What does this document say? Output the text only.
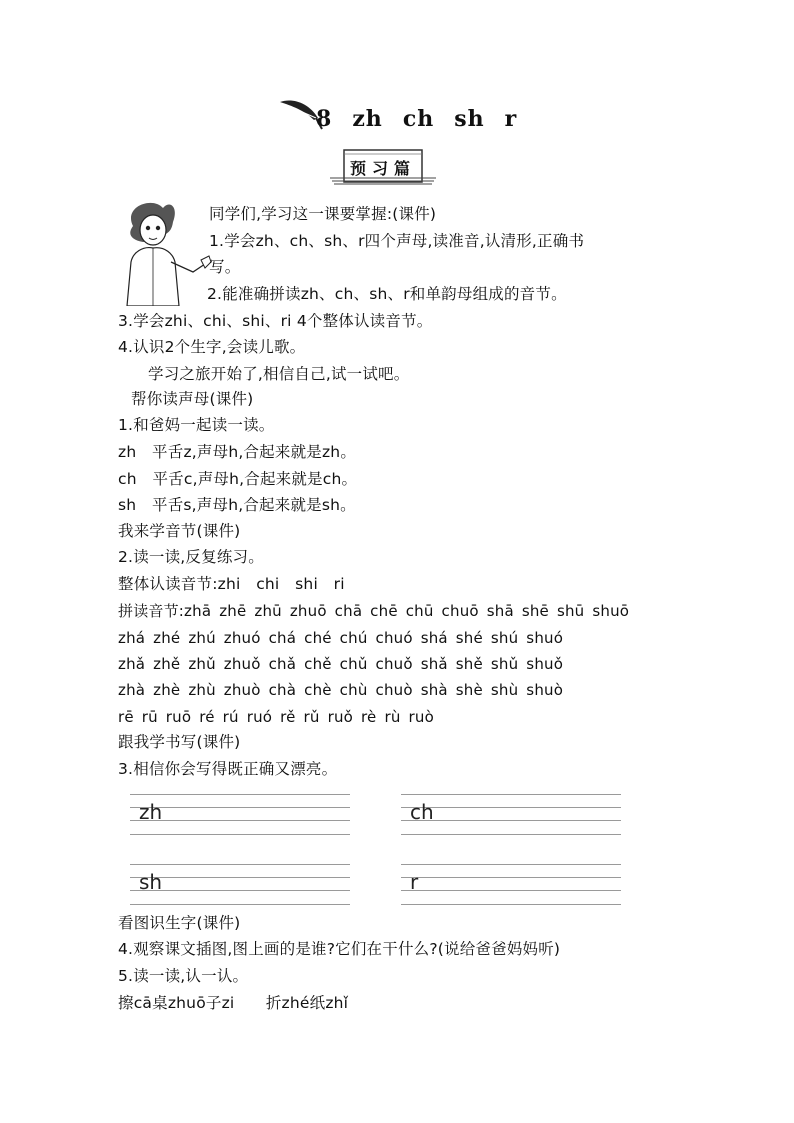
8 zh ch sh r
预习篇
同学们,学习这一课要掌握:(课件)
1.学会zh、ch、sh、r四个声母,读准音,认清形,正确书
写。
2.能准确拼读zh、ch、sh、r和单韵母组成的音节。
3.学会zhi、chi、shi、ri 4个整体认读音节。
4.认识2个生字,会读儿歌。
学习之旅开始了,相信自己,试一试吧。
帮你读声母(课件)
1.和爸妈一起读一读。
zh　平舌z,声母h,合起来就是zh。
ch　平舌c,声母h,合起来就是ch。
sh　平舌s,声母h,合起来就是sh。
我来学音节(课件)
2.读一读,反复练习。
整体认读音节:zhi　chi　shi　ri
拼读音节:zhā zhē zhū zhuō chā chē chū chuō shā shē shū shuō
zhá zhé zhú zhuó chá ché chú chuó shá shé shú shuó
zhǎ zhě zhǔ zhuǒ chǎ chě chǔ chuǒ shǎ shě shǔ shuǒ
zhà zhè zhù zhuò chà chè chù chuò shà shè shù shuò
rē rū ruō ré rú ruó rě rǔ ruǒ rè rù ruò
跟我学书写(课件)
3.相信你会写得既正确又漂亮。
zh	ch
sh	r
看图识生字(课件)
4.观察课文插图,图上画的是谁?它们在干什么?(说给爸爸妈妈听)
5.读一读,认一认。
擦cā桌zhuō子zi　　折zhé纸zhǐ
